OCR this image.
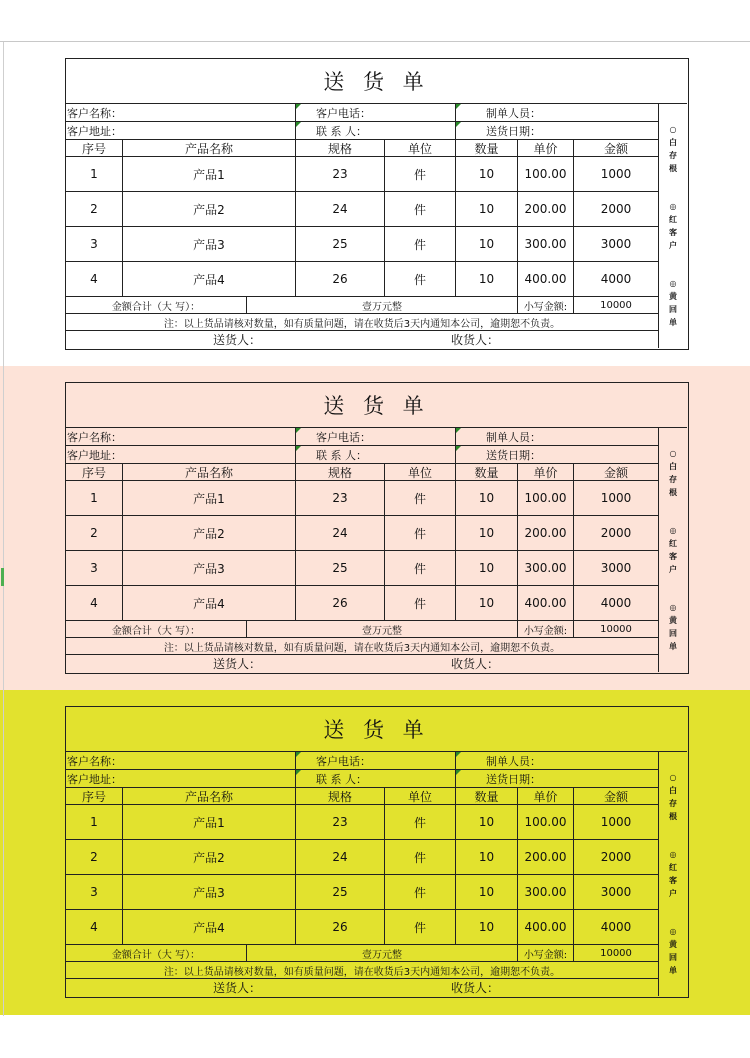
送 货 单
客户名称：	客户电话：	制单人员：
客户地址：	联 系 人：	送货日期：
序号	产品名称	规格	单位	数量	单价	金额
1	产品1	23	件	10	100.00	1000
2	产品2	24	件	10	200.00	2000
3	产品3	25	件	10	300.00	3000
4	产品4	26	件	10	400.00	4000
金额合计（大 写）：	壹万元整	小写金额:	10000
注：以上货品请核对数量，如有质量问题，请在收货后3天内通知本公司，逾期恕不负责。
送货人：	收货人：
○
白
存
根
◎
红
客
户
◎
黄
回
单
送 货 单
客户名称：	客户电话：	制单人员：
客户地址：	联 系 人：	送货日期：
序号	产品名称	规格	单位	数量	单价	金额
1	产品1	23	件	10	100.00	1000
2	产品2	24	件	10	200.00	2000
3	产品3	25	件	10	300.00	3000
4	产品4	26	件	10	400.00	4000
金额合计（大 写）：	壹万元整	小写金额:	10000
注：以上货品请核对数量，如有质量问题，请在收货后3天内通知本公司，逾期恕不负责。
送货人：	收货人：
○
白
存
根
◎
红
客
户
◎
黄
回
单
送 货 单
客户名称：	客户电话：	制单人员：
客户地址：	联 系 人：	送货日期：
序号	产品名称	规格	单位	数量	单价	金额
1	产品1	23	件	10	100.00	1000
2	产品2	24	件	10	200.00	2000
3	产品3	25	件	10	300.00	3000
4	产品4	26	件	10	400.00	4000
金额合计（大 写）：	壹万元整	小写金额:	10000
注：以上货品请核对数量，如有质量问题，请在收货后3天内通知本公司，逾期恕不负责。
送货人：	收货人：
○
白
存
根
◎
红
客
户
◎
黄
回
单
